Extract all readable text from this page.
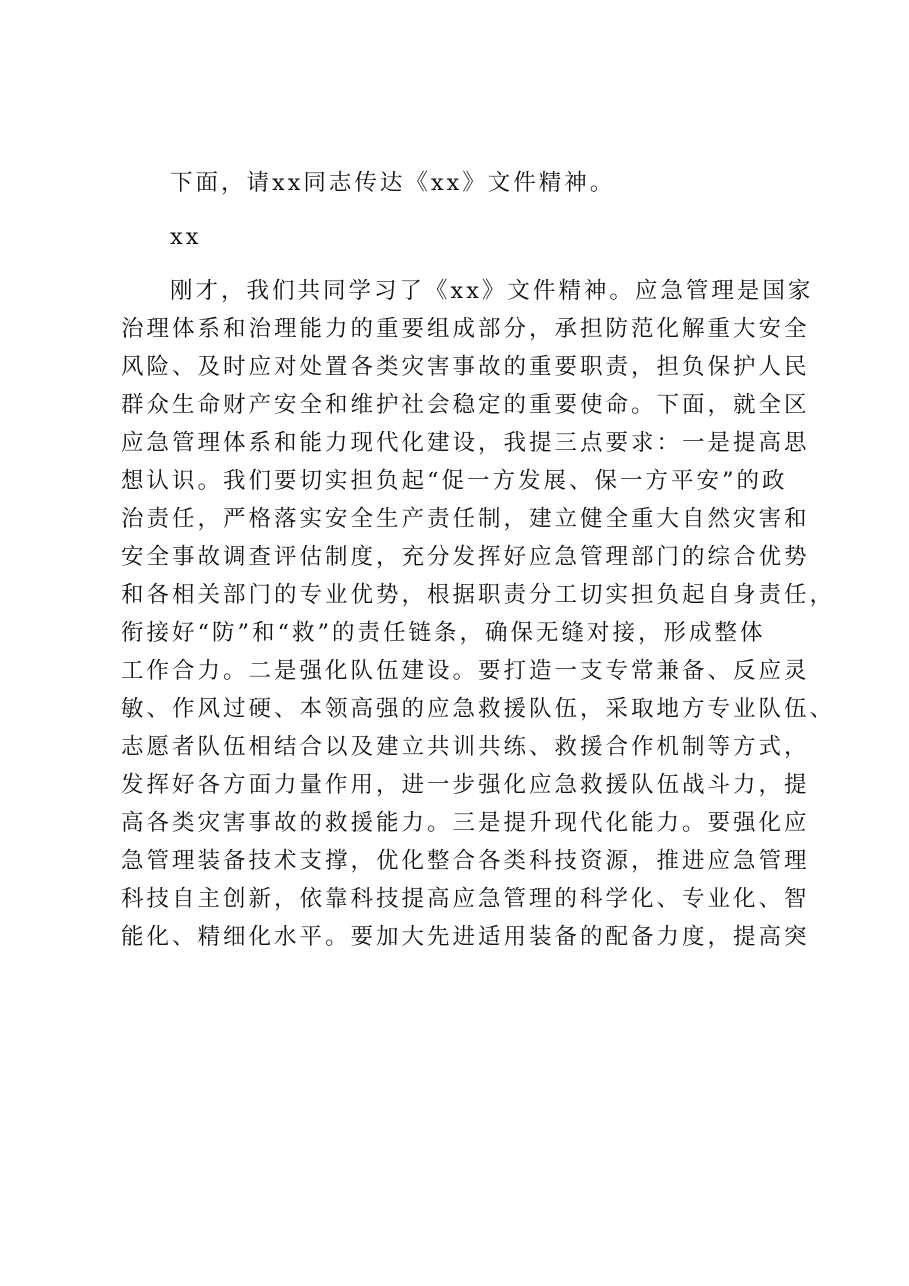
下面，请xx同志传达《xx》文件精神。
xx
刚才，我们共同学习了《xx》文件精神。应急管理是国家
治理体系和治理能力的重要组成部分，承担防范化解重大安全
风险、及时应对处置各类灾害事故的重要职责，担负保护人民
群众生命财产安全和维护社会稳定的重要使命。下面，就全区
应急管理体系和能力现代化建设，我提三点要求：一是提高思
想认识。我们要切实担负起“促一方发展、保一方平安”的政
治责任，严格落实安全生产责任制，建立健全重大自然灾害和
安全事故调查评估制度，充分发挥好应急管理部门的综合优势
和各相关部门的专业优势，根据职责分工切实担负起自身责任，
衔接好“防”和“救”的责任链条，确保无缝对接，形成整体
工作合力。二是强化队伍建设。要打造一支专常兼备、反应灵
敏、作风过硬、本领高强的应急救援队伍，采取地方专业队伍、
志愿者队伍相结合以及建立共训共练、救援合作机制等方式，
发挥好各方面力量作用，进一步强化应急救援队伍战斗力，提
高各类灾害事故的救援能力。三是提升现代化能力。要强化应
急管理装备技术支撑，优化整合各类科技资源，推进应急管理
科技自主创新，依靠科技提高应急管理的科学化、专业化、智
能化、精细化水平。要加大先进适用装备的配备力度，提高突
